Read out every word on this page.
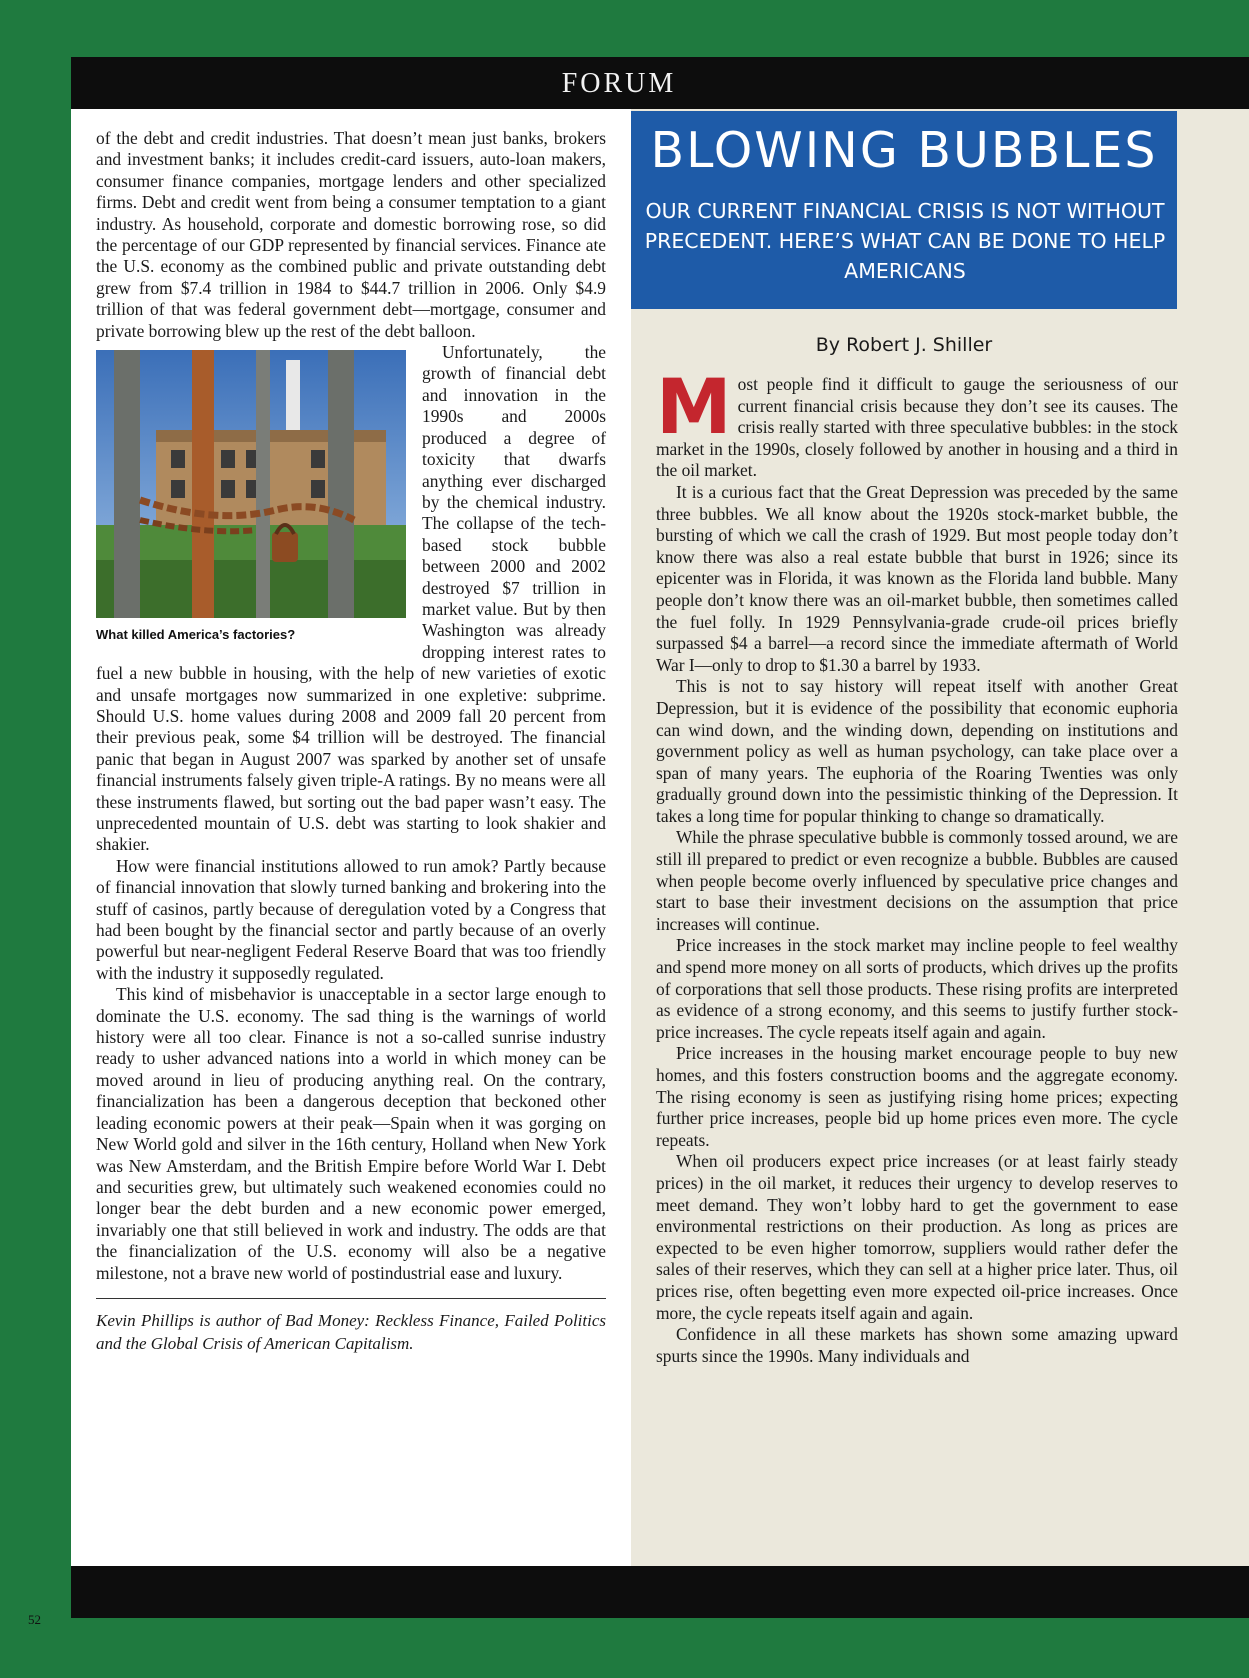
FORUM
52

of the debt and credit industries. That doesn’t mean just banks, brokers and investment banks; it includes credit-card issuers, auto-loan makers, consumer finance companies, mortgage lenders and other specialized firms. Debt and credit went from being a consumer temptation to a giant industry. As household, corporate and domestic borrowing rose, so did the percentage of our GDP represented by financial services. Finance ate the U.S. economy as the combined public and private outstanding debt grew from $7.4 trillion in 1984 to $44.7 trillion in 2006. Only $4.9 trillion of that was federal government debt—mortgage, consumer and private borrowing blew up the rest of the debt balloon.

What killed America’s factories?

Unfortunately, the growth of financial debt and innovation in the 1990s and 2000s produced a degree of toxicity that dwarfs anything ever discharged by the chemical industry. The collapse of the tech-based stock bubble between 2000 and 2002 destroyed $7 trillion in market value. But by then Washington was already dropping interest rates to fuel a new bubble in housing, with the help of new varieties of exotic and unsafe mortgages now summarized in one expletive: subprime. Should U.S. home values during 2008 and 2009 fall 20 percent from their previous peak, some $4 trillion will be destroyed. The financial panic that began in August 2007 was sparked by another set of unsafe financial instruments falsely given triple-A ratings. By no means were all these instruments flawed, but sorting out the bad paper wasn’t easy. The unprecedented mountain of U.S. debt was starting to look shakier and shakier.

How were financial institutions allowed to run amok? Partly because of financial innovation that slowly turned banking and brokering into the stuff of casinos, partly because of deregulation voted by a Congress that had been bought by the financial sector and partly because of an overly powerful but near-negligent Federal Reserve Board that was too friendly with the industry it supposedly regulated.

This kind of misbehavior is unacceptable in a sector large enough to dominate the U.S. economy. The sad thing is the warnings of world history were all too clear. Finance is not a so-called sunrise industry ready to usher advanced nations into a world in which money can be moved around in lieu of producing anything real. On the contrary, financialization has been a dangerous deception that beckoned other leading economic powers at their peak—Spain when it was gorging on New World gold and silver in the 16th century, Holland when New York was New Amsterdam, and the British Empire before World War I. Debt and securities grew, but ultimately such weakened economies could no longer bear the debt burden and a new economic power emerged, invariably one that still believed in work and industry. The odds are that the financialization of the U.S. economy will also be a negative milestone, not a brave new world of postindustrial ease and luxury.

Kevin Phillips is author of Bad Money: Reckless Finance, Failed Politics and the Global Crisis of American Capitalism.

BLOWING BUBBLES
OUR CURRENT FINANCIAL CRISIS IS NOT WITHOUT PRECEDENT. HERE’S WHAT CAN BE DONE TO HELP AMERICANS
By Robert J. Shiller

Most people find it difficult to gauge the seriousness of our current financial crisis because they don’t see its causes. The crisis really started with three speculative bubbles: in the stock market in the 1990s, closely followed by another in housing and a third in the oil market.

It is a curious fact that the Great Depression was preceded by the same three bubbles. We all know about the 1920s stock-market bubble, the bursting of which we call the crash of 1929. But most people today don’t know there was also a real estate bubble that burst in 1926; since its epicenter was in Florida, it was known as the Florida land bubble. Many people don’t know there was an oil-market bubble, then sometimes called the fuel folly. In 1929 Pennsylvania-grade crude-oil prices briefly surpassed $4 a barrel—a record since the immediate aftermath of World War I—only to drop to $1.30 a barrel by 1933.

This is not to say history will repeat itself with another Great Depression, but it is evidence of the possibility that economic euphoria can wind down, and the winding down, depending on institutions and government policy as well as human psychology, can take place over a span of many years. The euphoria of the Roaring Twenties was only gradually ground down into the pessimistic thinking of the Depression. It takes a long time for popular thinking to change so dramatically.

While the phrase speculative bubble is commonly tossed around, we are still ill prepared to predict or even recognize a bubble. Bubbles are caused when people become overly influenced by speculative price changes and start to base their investment decisions on the assumption that price increases will continue.

Price increases in the stock market may incline people to feel wealthy and spend more money on all sorts of products, which drives up the profits of corporations that sell those products. These rising profits are interpreted as evidence of a strong economy, and this seems to justify further stock-price increases. The cycle repeats itself again and again.

Price increases in the housing market encourage people to buy new homes, and this fosters construction booms and the aggregate economy. The rising economy is seen as justifying rising home prices; expecting further price increases, people bid up home prices even more. The cycle repeats.

When oil producers expect price increases (or at least fairly steady prices) in the oil market, it reduces their urgency to develop reserves to meet demand. They won’t lobby hard to get the government to ease environmental restrictions on their production. As long as prices are expected to be even higher tomorrow, suppliers would rather defer the sales of their reserves, which they can sell at a higher price later. Thus, oil prices rise, often begetting even more expected oil-price increases. Once more, the cycle repeats itself again and again.

Confidence in all these markets has shown some amazing upward spurts since the 1990s. Many individuals and
